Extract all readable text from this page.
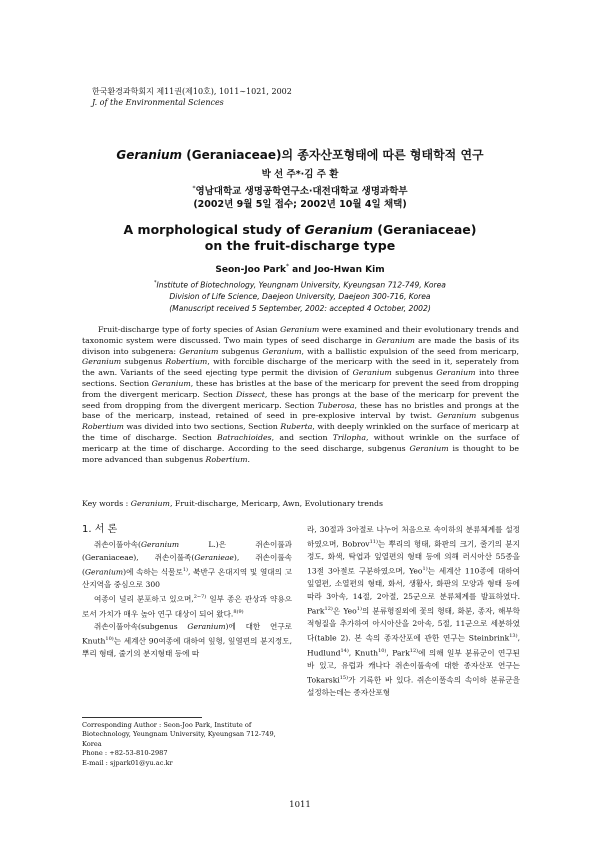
한국환경과학회지 제11권(제10호), 1011∼1021, 2002
J. of the Environmental Sciences
Geranium (Geraniaceae)의 종자산포형태에 따른 형태학적 연구
박 선 주*·김 주 환
*영남대학교 생명공학연구소·대전대학교 생명과학부
(2002년 9월 5일 접수; 2002년 10월 4일 채택)
A morphological study of Geranium (Geraniaceae)
on the fruit-discharge type
Seon-Joo Park* and Joo-Hwan Kim
*Institute of Biotechnology, Yeungnam University, Kyeungsan 712-749, Korea
Division of Life Science, Daejeon University, Daejeon 300-716, Korea
(Manuscript received 5 September, 2002: accepted 4 October, 2002)
Fruit-discharge type of forty species of Asian Geranium were examined and their evolutionary trends and taxonomic system were discussed. Two main types of seed discharge in Geranium are made the basis of its divison into subgenera: Geranium subgenus Geranium, with a ballistic expulsion of the seed from mericarp, Geranium subgenus Robertium, with forcible discharge of the mericarp with the seed in it, seperately from the awn. Variants of the seed ejecting type permit the division of Geranium subgenus Geranium into three sections. Section Geranium, these has bristles at the base of the mericarp for prevent the seed from dropping from the divergent mericarp. Section Dissect, these has prongs at the base of the mericarp for prevent the seed from dropping from the divergent mericarp. Section Tuberosa, these has no bristles and prongs at the base of the mericarp, instead, retained of seed in pre-explosive interval by twist. Geranium subgenus Robertium was divided into two sections, Section Ruberta, with deeply wrinkled on the surface of mericarp at the time of discharge. Section Batrachioides, and section Trilopha, without wrinkle on the surface of mericarp at the time of discharge. According to the seed discharge, subgenus Geranium is thought to be more advanced than subgenus Robertium.
Key words : Geranium, Fruit-discharge, Mericarp, Awn, Evolutionary trends
1. 서 론

쥐손이풀아속(Geranium L.)은 쥐손이풀과(Geraniaceae), 쥐손이풀족(Geranieae), 쥐손이풀속 (Geranium)에 속하는 식물로$^{1)}$, 북반구 온대지역 및 열대의 고산지역을 중심으로 300

여종이 널리 분포하고 있으며,$^{2\sim 7)}$ 일부 종은 관상과 약용으로서 가치가 매우 높아 연구 대상이 되어 왔다.$^{8)9)}$

쥐손이풀아속(subgenus Geranium)에 대한 연구로 Knuth$^{10)}$는 세계산 90여종에 대하여 잎형, 잎열편의 분지정도, 뿌리 형태, 줄기의 분지형태 등에 따

라, 30절과 3아절로 나누어 처음으로 속이하의 분류체계를 설정하였으며, Bobrov$^{11)}$는 뿌리의 형태, 화판의 크기, 줄기의 분지정도, 화색, 탁엽과 잎열편의 형태 등에 의해 러시아산 55종을 13절 3아절로 구분하였으며, Yeo$^{1)}$는 세계산 110종에 대하여 잎열편, 소열편의 형태, 화서, 생활사, 화판의 모양과 형태 등에 따라 3아속, 14절, 2아절, 25군으로 분류체계를 발표하였다. Park$^{12)}$은 Yeo$^{1)}$의 분류형질외에 꽃의 형태, 화분, 종자, 해부학적형질을 추가하여 아시아산을 2아속, 5절, 11군으로 세분하였다(table 2). 본 속의 종자산포에 관한 연구는 Steinbrink$^{13)}$, Hudlund$^{14)}$, Knuth$^{10)}$, Park$^{12)}$에 의해 일부 분류군이 연구된 바 있고, 유럽과 캐나다 쥐손이풀속에 대한 종자산포 연구는 Tokarski$^{15)}$가 기록한 바 있다. 쥐손이풀속의 속이하 분류군을 설정하는데는 종자산포형

Corresponding Author : Seon-Joo Park, Institute of Biotechnology, Yeungnam University, Kyeungsan 712-749, Korea
Phone : +82-53-810-2987
E-mail : sjpark01@yu.ac.kr
1011
